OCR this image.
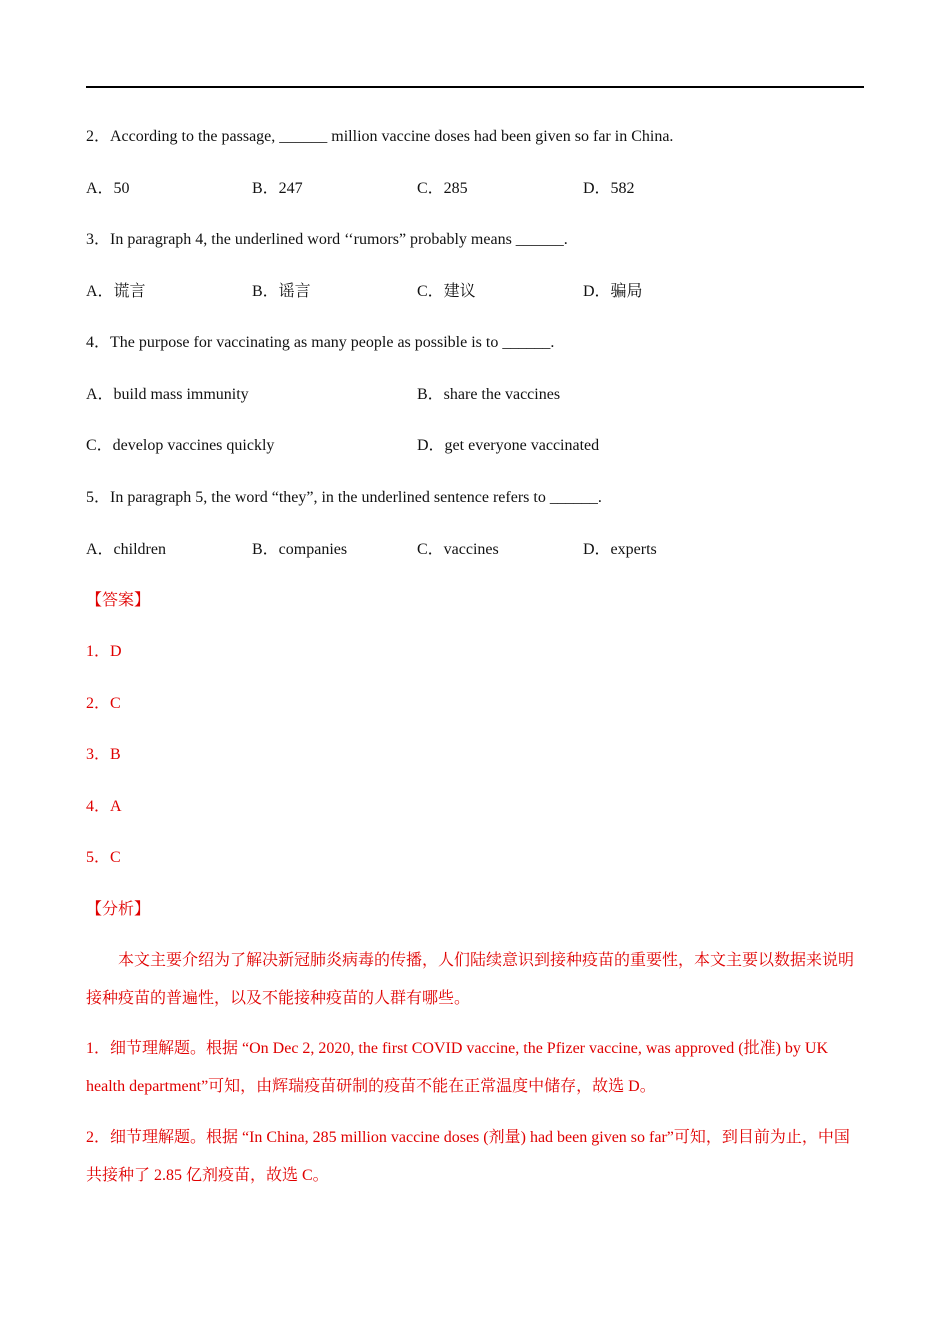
2．According to the passage, ______ million vaccine doses had been given so far in China.
A．50	B．247	C．285	D．582
3．In paragraph 4, the underlined word ‘‘rumors” probably means ______.
A．谎言	B．谣言	C．建议	D．骗局
4．The purpose for vaccinating as many people as possible is to ______.
A．build mass immunity	B．share the vaccines
C．develop vaccines quickly	D．get everyone vaccinated
5．In paragraph 5, the word “they”, in the underlined sentence refers to ______.
A．children	B．companies	C．vaccines	D．experts
【答案】
1．D
2．C
3．B
4．A
5．C
【分析】
本文主要介绍为了解决新冠肺炎病毒的传播，人们陆续意识到接种疫苗的重要性，本文主要以数据来说明接种疫苗的普遍性，以及不能接种疫苗的人群有哪些。
1．细节理解题。根据 “On Dec 2, 2020, the first COVID vaccine, the Pfizer vaccine, was approved (批准) by UK health department”可知，由辉瑞疫苗研制的疫苗不能在正常温度中储存，故选 D。
2．细节理解题。根据 “In China, 285 million vaccine doses (剂量) had been given so far”可知，到目前为止，中国共接种了 2.85 亿剂疫苗，故选 C。
